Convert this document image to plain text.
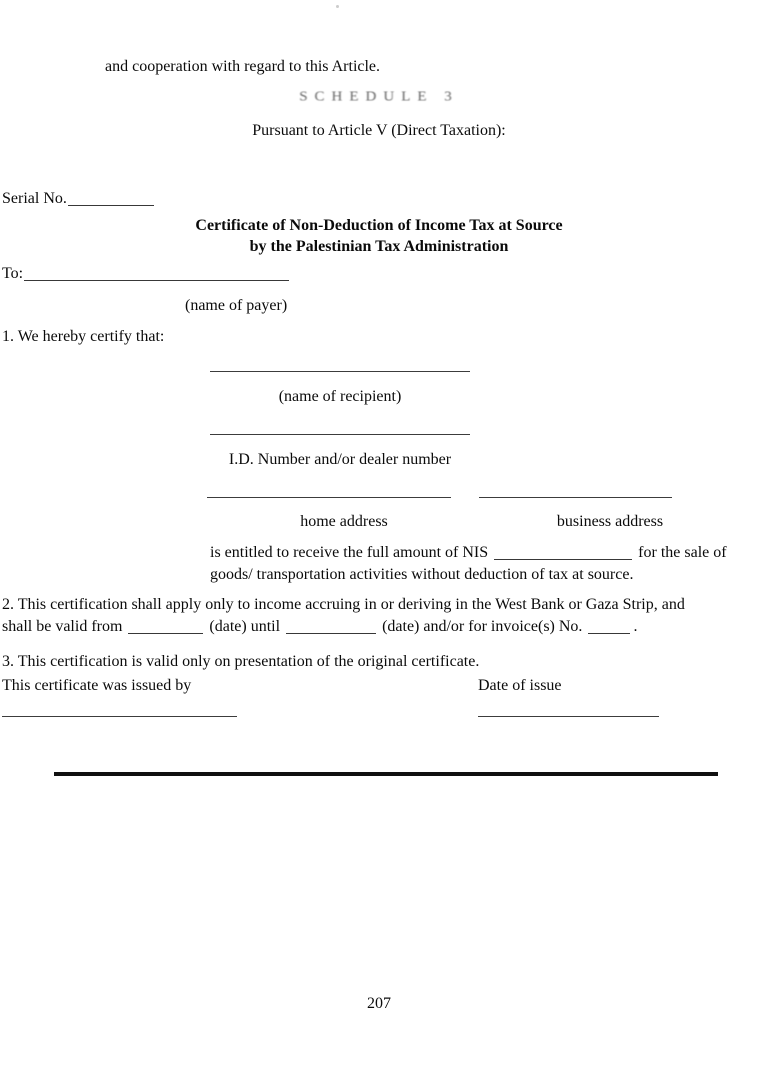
and cooperation with regard to this Article.
SCHEDULE 3
Pursuant to Article V (Direct Taxation):
Serial No.
Certificate of Non-Deduction of Income Tax at Source
by the Palestinian Tax Administration
To:
(name of payer)
1. We hereby certify that:
(name of recipient)
I.D. Number and/or dealer number
home address	business address
is entitled to receive the full amount of NIS	for the sale of
goods/ transportation activities without deduction of tax at source.
2. This certification shall apply only to income accruing in or deriving in the West Bank or Gaza Strip, and
shall be valid from	(date) until	(date) and/or for invoice(s) No.	.
3. This certification is valid only on presentation of the original certificate.
This certificate was issued by	Date of issue
207
